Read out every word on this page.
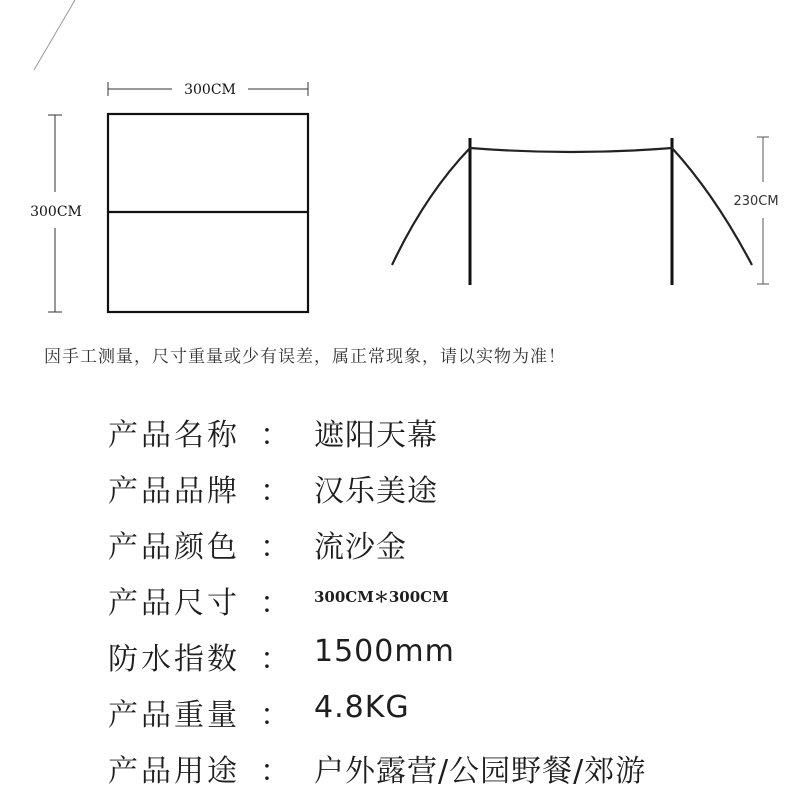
300CM
300CM
230CM
因手工测量，尺寸重量或少有误差，属正常现象，请以实物为准！
产品名称 ： 遮阳天幕
产品品牌 ： 汉乐美途
产品颜色 ： 流沙金
产品尺寸 ： 300CM＊300CM
防水指数 ： 1500mm
产品重量 ： 4.8KG
产品用途 ： 户外露营/公园野餐/郊游
